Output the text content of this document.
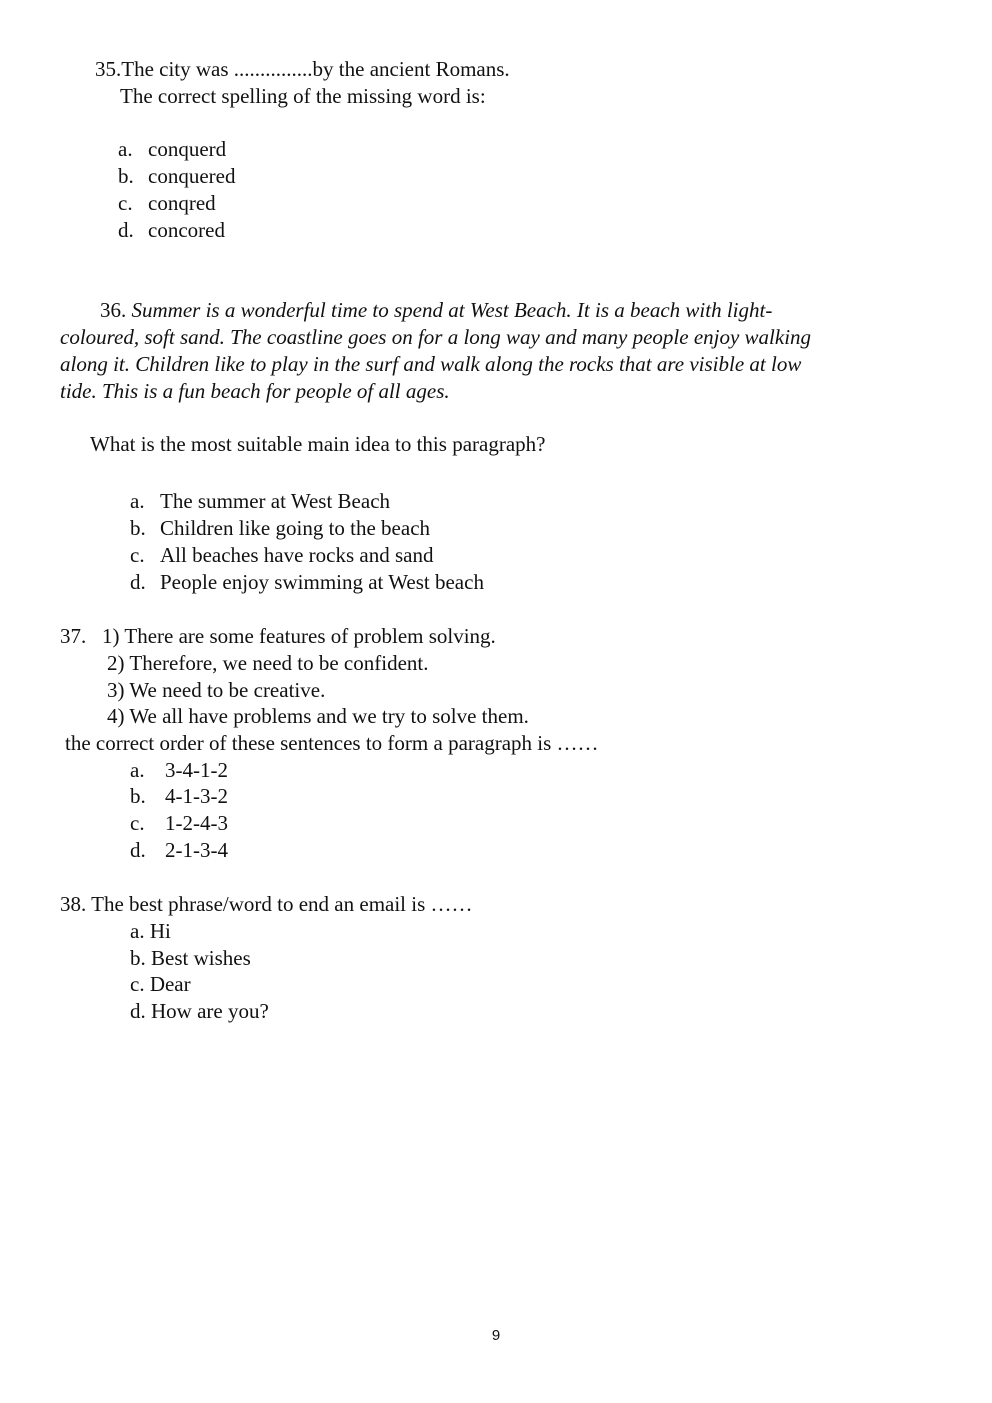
35.The city was ...............by the ancient Romans.
The correct spelling of the missing word is:
a. conquerd
b. conquered
c. conqred
d. concored
36. Summer is a wonderful time to spend at West Beach. It is a beach with light-
coloured, soft sand. The coastline goes on for a long way and many people enjoy walking
along it. Children like to play in the surf and walk along the rocks that are visible at low
tide. This is a fun beach for people of all ages.
What is the most suitable main idea to this paragraph?
a. The summer at West Beach
b. Children like going to the beach
c. All beaches have rocks and sand
d. People enjoy swimming at West beach
37. 1) There are some features of problem solving.
2) Therefore, we need to be confident.
3) We need to be creative.
4) We all have problems and we try to solve them.
the correct order of these sentences to form a paragraph is ……
a. 3-4-1-2
b. 4-1-3-2
c. 1-2-4-3
d. 2-1-3-4
38. The best phrase/word to end an email is ……
a. Hi
b. Best wishes
c. Dear
d. How are you?
9
